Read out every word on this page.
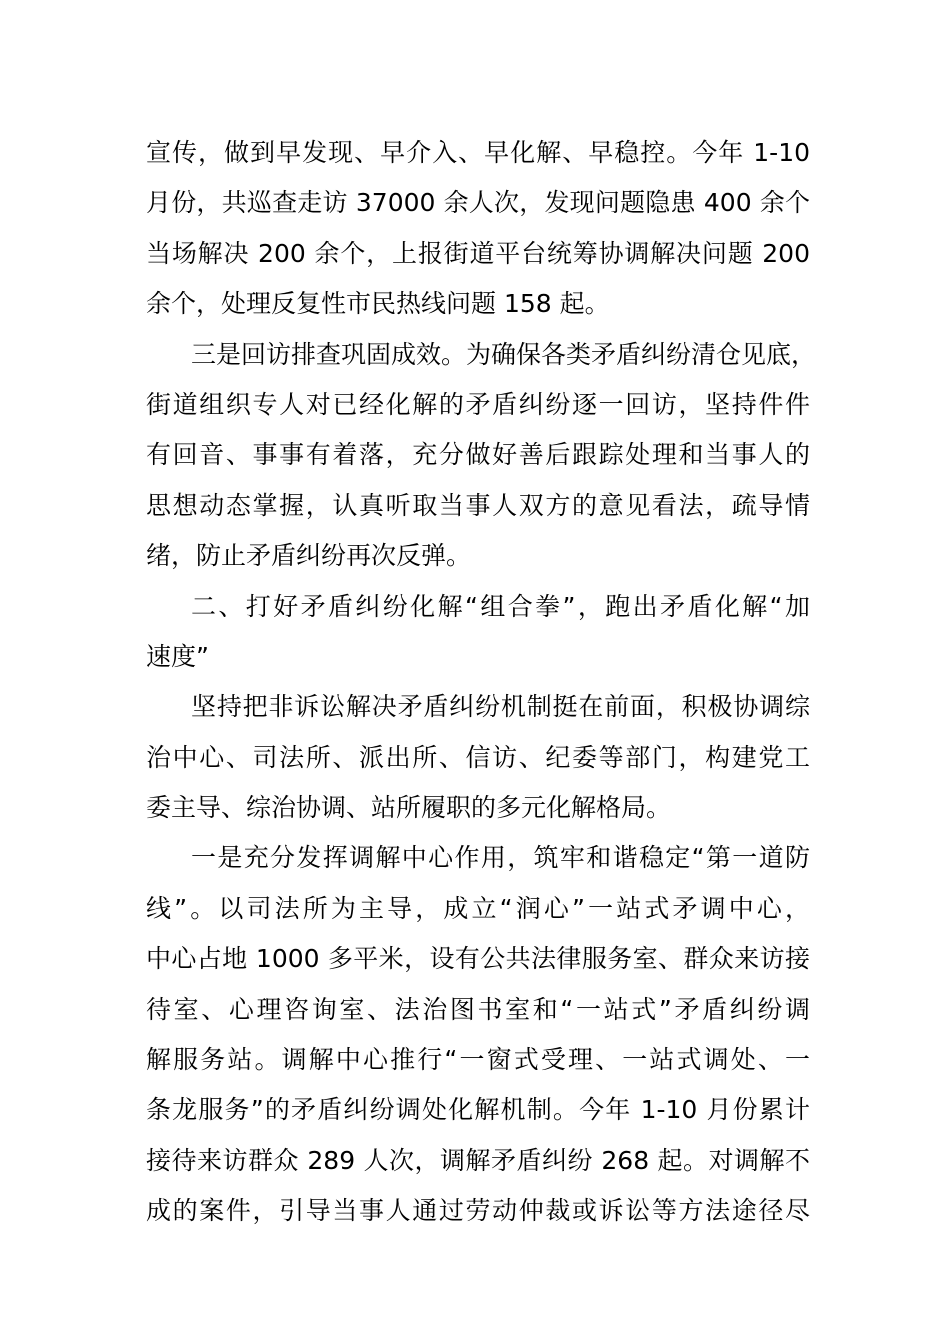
宣传，做到早发现、早介入、早化解、早稳控。今年 1-10
月份，共巡查走访 37000 余人次，发现问题隐患 400 余个
当场解决 200 余个，上报街道平台统筹协调解决问题 200
余个，处理反复性市民热线问题 158 起。
三是回访排查巩固成效。为确保各类矛盾纠纷清仓见底，
街道组织专人对已经化解的矛盾纠纷逐一回访，坚持件件
有回音、事事有着落，充分做好善后跟踪处理和当事人的
思想动态掌握，认真听取当事人双方的意见看法，疏导情
绪，防止矛盾纠纷再次反弹。
二、打好矛盾纠纷化解“组合拳”，跑出矛盾化解“加
速度”
坚持把非诉讼解决矛盾纠纷机制挺在前面，积极协调综
治中心、司法所、派出所、信访、纪委等部门，构建党工
委主导、综治协调、站所履职的多元化解格局。
一是充分发挥调解中心作用，筑牢和谐稳定“第一道防
线”。以司法所为主导，成立“润心”一站式矛调中心，
中心占地 1000 多平米，设有公共法律服务室、群众来访接
待室、心理咨询室、法治图书室和“一站式”矛盾纠纷调
解服务站。调解中心推行“一窗式受理、一站式调处、一
条龙服务”的矛盾纠纷调处化解机制。今年 1-10 月份累计
接待来访群众 289 人次，调解矛盾纠纷 268 起。对调解不
成的案件，引导当事人通过劳动仲裁或诉讼等方法途径尽
